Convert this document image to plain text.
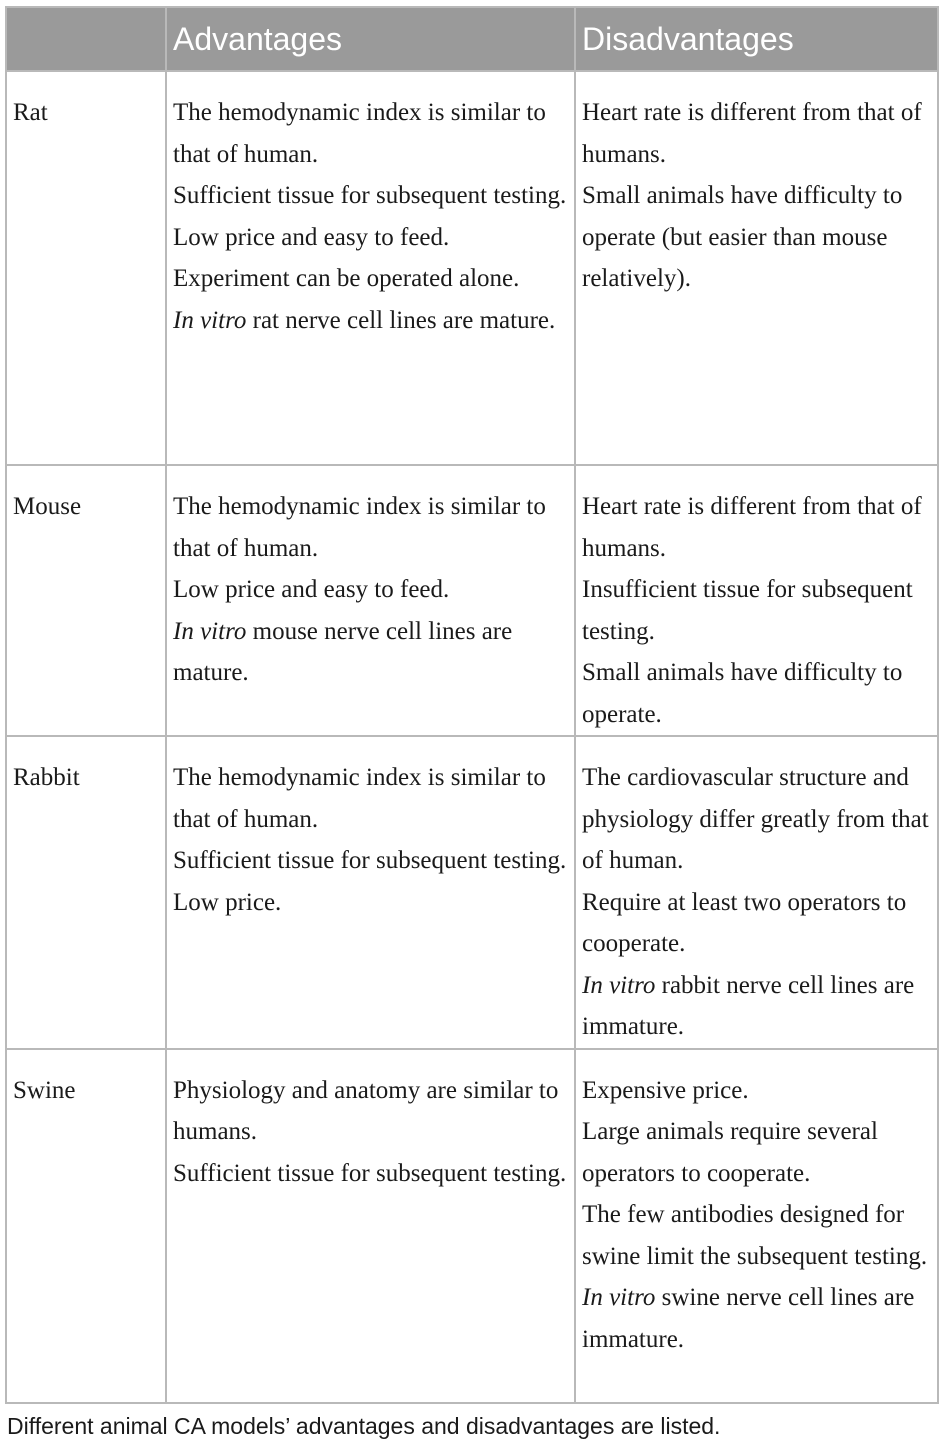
	Advantages	Disadvantages
Rat	The hemodynamic index is similar to that of human.
Sufficient tissue for subsequent testing.
Low price and easy to feed.
Experiment can be operated alone.
In vitro rat nerve cell lines are mature.	Heart rate is different from that of humans.
Small animals have difficulty to operate (but easier than mouse relatively).

Mouse	The hemodynamic index is similar to that of human.
Low price and easy to feed.
In vitro mouse nerve cell lines are mature.	Heart rate is different from that of humans.
Insufficient tissue for subsequent testing.
Small animals have difficulty to operate.

Rabbit	The hemodynamic index is similar to that of human.
Sufficient tissue for subsequent testing.
Low price.	The cardiovascular structure and physiology differ greatly from that of human.
Require at least two operators to cooperate.
In vitro rabbit nerve cell lines are immature.

Swine	Physiology and anatomy are similar to humans.
Sufficient tissue for subsequent testing.	Expensive price.
Large animals require several operators to cooperate.
The few antibodies designed for swine limit the subsequent testing.
In vitro swine nerve cell lines are immature.
Different animal CA models’ advantages and disadvantages are listed.
